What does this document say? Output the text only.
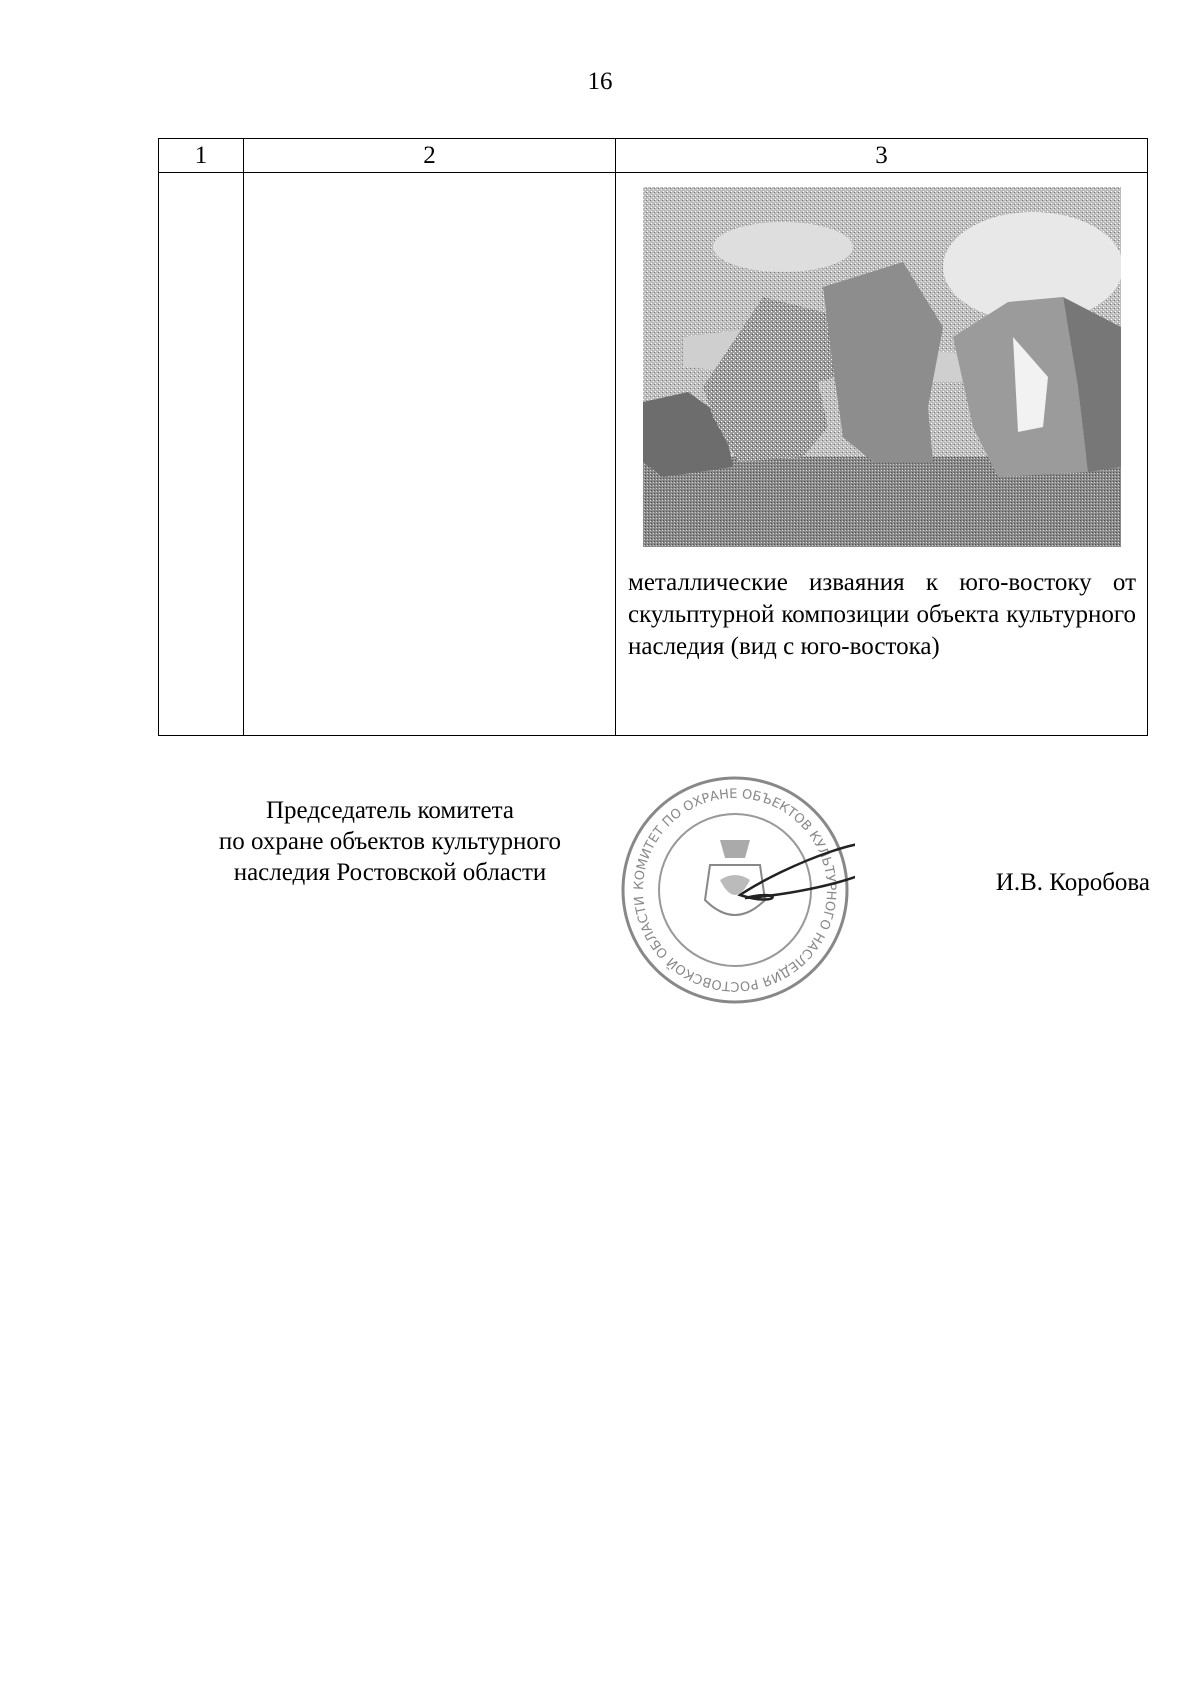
16
1	2	3

		металлические изваяния к юго-востоку от скульптурной композиции объекта культурного наследия (вид с юго-востока)
Председатель комитета
по охране объектов культурного
наследия Ростовской области	КОМИТЕТ ПО ОХРАНЕ ОБЪЕКТОВ КУЛЬТУРНОГО НАСЛЕДИЯ РОСТОВСКОЙ ОБЛАСТИ
И.В. Коробова
